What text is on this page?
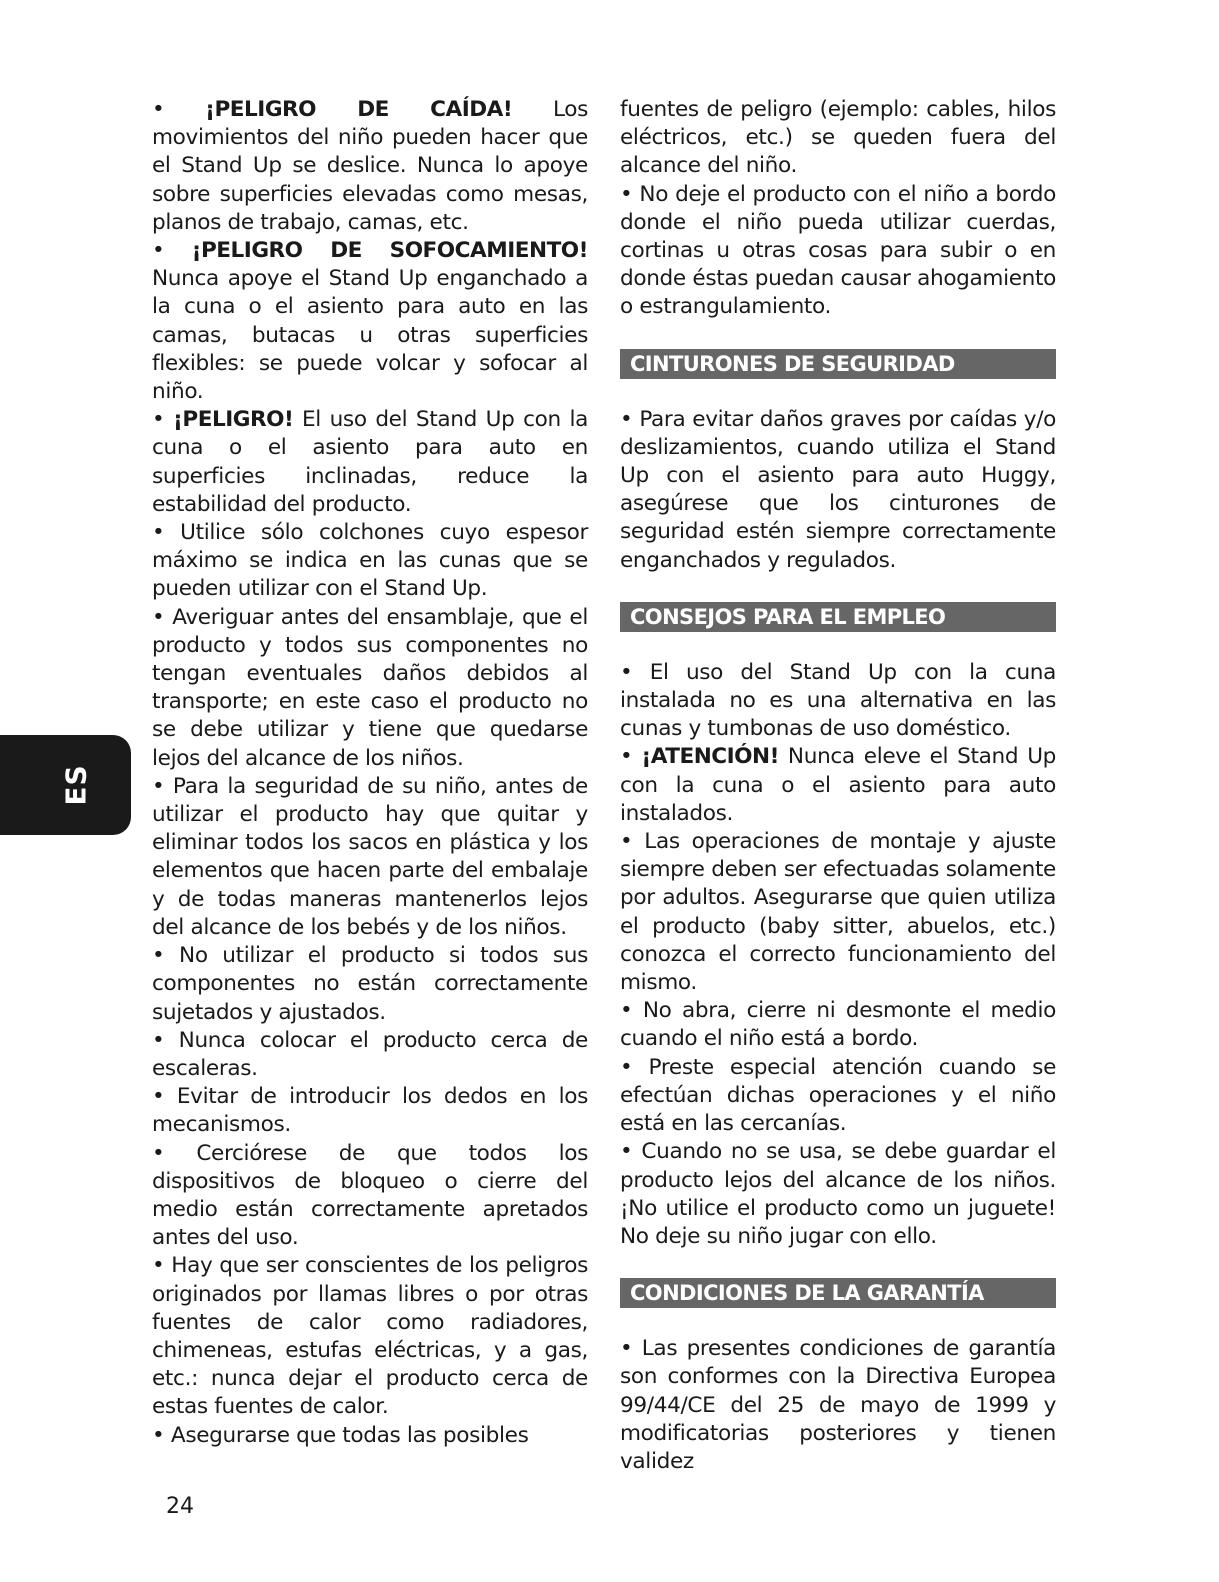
• ¡PELIGRO DE CAÍDA! Los movimientos del niño pueden hacer que el Stand Up se deslice. Nunca lo apoye sobre superficies elevadas como mesas, planos de trabajo, camas, etc.

• ¡PELIGRO DE SOFOCAMIENTO! Nunca apoye el Stand Up enganchado a la cuna o el asiento para auto en las camas, butacas u otras superficies flexibles: se puede volcar y sofocar al niño.

• ¡PELIGRO! El uso del Stand Up con la cuna o el asiento para auto en superficies inclinadas, reduce la estabilidad del producto.

• Utilice sólo colchones cuyo espesor máximo se indica en las cunas que se pueden utilizar con el Stand Up.

• Averiguar antes del ensamblaje, que el producto y todos sus componentes no tengan eventuales daños debidos al transporte; en este caso el producto no se debe utilizar y tiene que quedarse lejos del alcance de los niños.

• Para la seguridad de su niño, antes de utilizar el producto hay que quitar y eliminar todos los sacos en plástica y los elementos que hacen parte del embalaje y de todas maneras mantenerlos lejos del alcance de los bebés y de los niños.

• No utilizar el producto si todos sus componentes no están correctamente sujetados y ajustados.

• Nunca colocar el producto cerca de escaleras.

• Evitar de introducir los dedos en los mecanismos.

• Cerciórese de que todos los dispositivos de bloqueo o cierre del medio están correctamente apretados antes del uso.

• Hay que ser conscientes de los peligros originados por llamas libres o por otras fuentes de calor como radiadores, chimeneas, estufas eléctricas, y a gas, etc.: nunca dejar el producto cerca de estas fuentes de calor.

• Asegurarse que todas las posibles

fuentes de peligro (ejemplo: cables, hilos eléctricos, etc.) se queden fuera del alcance del niño.

• No deje el producto con el niño a bordo donde el niño pueda utilizar cuerdas, cortinas u otras cosas para subir o en donde éstas puedan causar ahogamiento o estrangulamiento.

CINTURONES DE SEGURIDAD

• Para evitar daños graves por caídas y/o deslizamientos, cuando utiliza el Stand Up con el asiento para auto Huggy, asegúrese que los cinturones de seguridad estén siempre correctamente enganchados y regulados.

CONSEJOS PARA EL EMPLEO

• El uso del Stand Up con la cuna instalada no es una alternativa en las cunas y tumbonas de uso doméstico.

• ¡ATENCIÓN! Nunca eleve el Stand Up con la cuna o el asiento para auto instalados.

• Las operaciones de montaje y ajuste siempre deben ser efectuadas solamente por adultos. Asegurarse que quien utiliza el producto (baby sitter, abuelos, etc.) conozca el correcto funcionamiento del mismo.

• No abra, cierre ni desmonte el medio cuando el niño está a bordo.

• Preste especial atención cuando se efectúan dichas operaciones y el niño está en las cercanías.

• Cuando no se usa, se debe guardar el producto lejos del alcance de los niños. ¡No utilice el producto como un juguete! No deje su niño jugar con ello.

CONDICIONES DE LA GARANTÍA

• Las presentes condiciones de garantía son conformes con la Directiva Europea 99/44/CE del 25 de mayo de 1999 y modificatorias posteriores y tienen validez

ES
24
